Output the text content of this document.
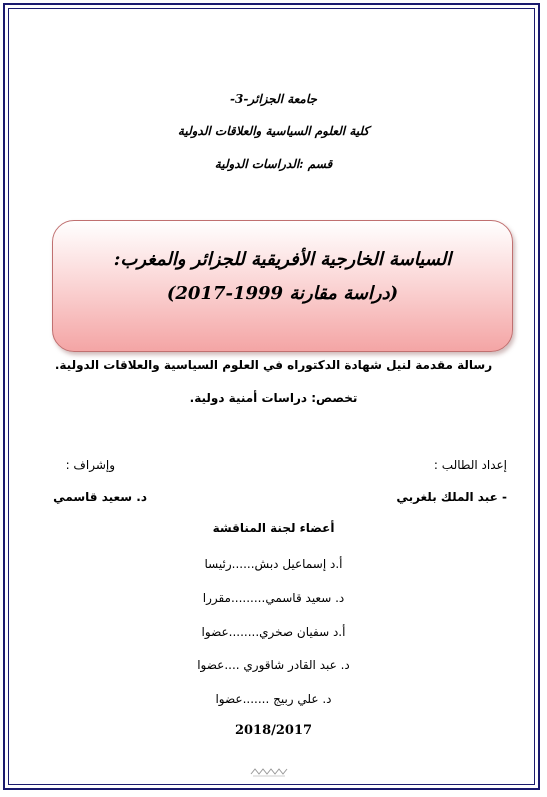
جامعة الجزائر-3-
كلية العلوم السياسية والعلاقات الدولية
قسم :الدراسات الدولية
السياسة الخارجية الأفريقية للجزائر والمغرب:
(دراسة مقارنة 1999-2017)
رسالة مقدمة لنيل شهادة الدكتوراه في العلوم السياسية والعلاقات الدولية.
تخصص: دراسات أمنية دولية.
إعداد الطالب :
وإشراف :
- عبد الملك بلغربي
د. سعيد قاسمي
أعضاء لجنة المناقشة
أ.د إسماعيل دبش......رئيسا
د. سعيد قاسمي.........مقررا
أ.د سفيان صخري........عضوا
د. عبد القادر شاقوري ....عضوا
د. علي ربيج .......عضوا
2018/2017
